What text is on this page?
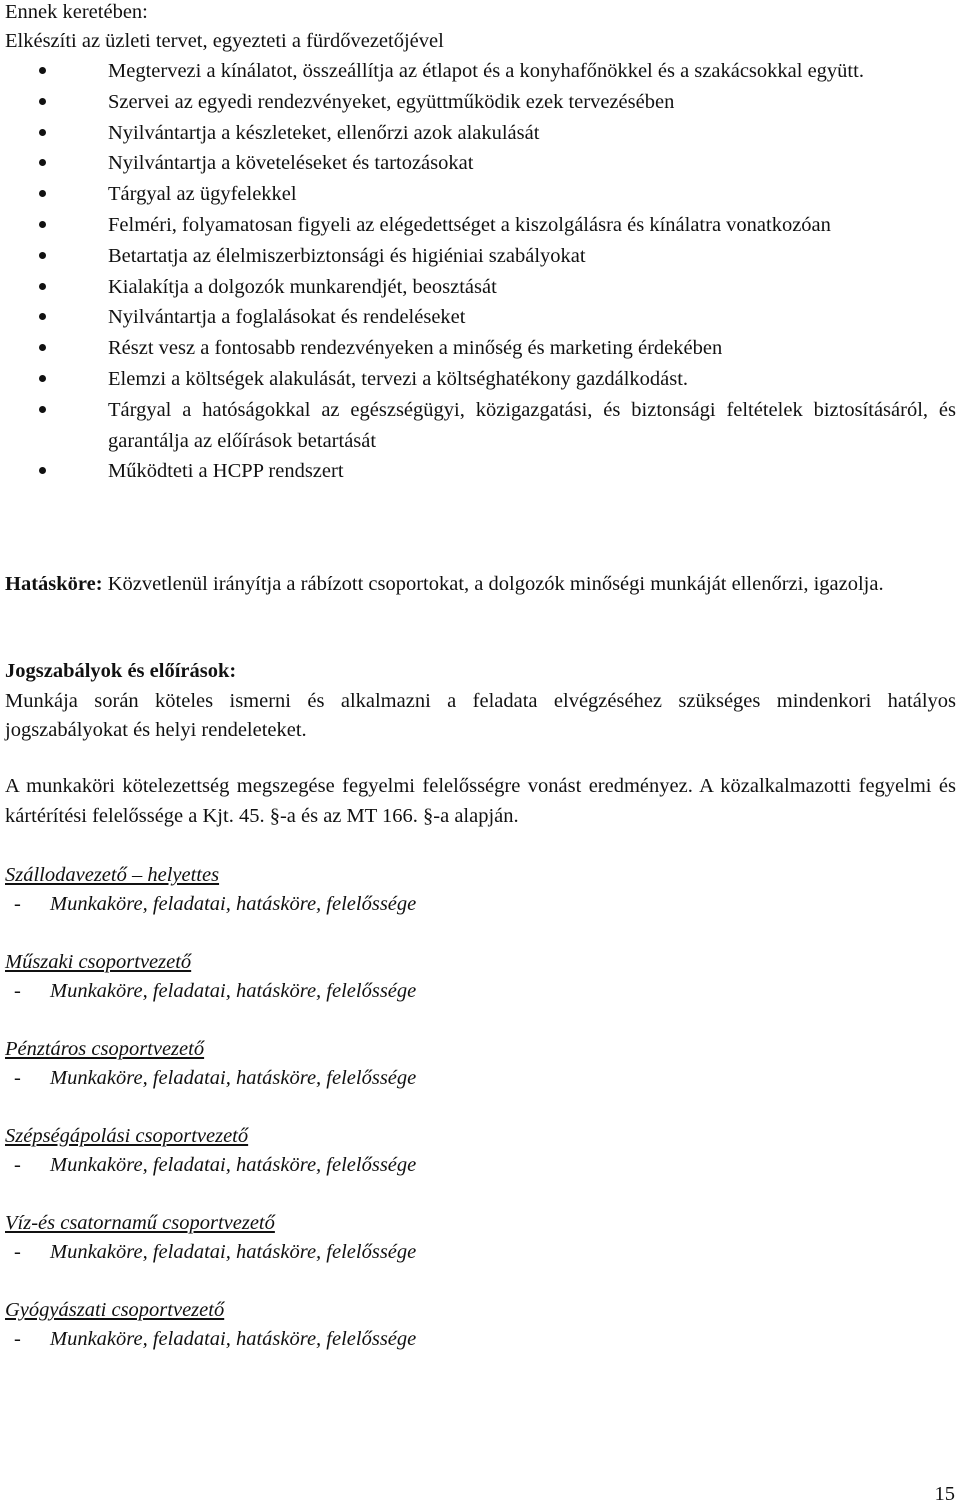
Ennek keretében:
Elkészíti az üzleti tervet, egyezteti a fürdővezetőjével
Megtervezi a kínálatot, összeállítja az étlapot és a konyhafőnökkel és a szakácsokkal együtt.
Szervei az egyedi rendezvényeket, együttműködik ezek tervezésében
Nyilvántartja a készleteket, ellenőrzi azok alakulását
Nyilvántartja a követeléseket és tartozásokat
Tárgyal az ügyfelekkel
Felméri, folyamatosan figyeli az elégedettséget a kiszolgálásra és kínálatra vonatkozóan
Betartatja az élelmiszerbiztonsági és higiéniai szabályokat
Kialakítja a dolgozók munkarendjét, beosztását
Nyilvántartja a foglalásokat és rendeléseket
Részt vesz a fontosabb rendezvényeken a minőség és marketing érdekében
Elemzi a költségek alakulását, tervezi a költséghatékony gazdálkodást.
Tárgyal a hatóságokkal az egészségügyi, közigazgatási, és biztonsági feltételek biztosításáról, és garantálja az előírások betartását
Működteti a HCPP rendszert
Hatásköre: Közvetlenül irányítja a rábízott csoportokat, a dolgozók minőségi munkáját ellenőrzi, igazolja.
Jogszabályok és előírások:
Munkája során köteles ismerni és alkalmazni a feladata elvégzéséhez szükséges mindenkori hatályos jogszabályokat és helyi rendeleteket.
A munkaköri kötelezettség megszegése fegyelmi felelősségre vonást eredményez. A közalkalmazotti fegyelmi és kártérítési felelőssége a Kjt. 45. §-a és az MT 166. §-a alapján.
Szállodavezető – helyettes
- Munkaköre, feladatai, hatásköre, felelőssége
Műszaki csoportvezető
- Munkaköre, feladatai, hatásköre, felelőssége
Pénztáros csoportvezető
- Munkaköre, feladatai, hatásköre, felelőssége
Szépségápolási csoportvezető
- Munkaköre, feladatai, hatásköre, felelőssége
Víz-és csatornamű csoportvezető
- Munkaköre, feladatai, hatásköre, felelőssége
Gyógyászati csoportvezető
- Munkaköre, feladatai, hatásköre, felelőssége
15
